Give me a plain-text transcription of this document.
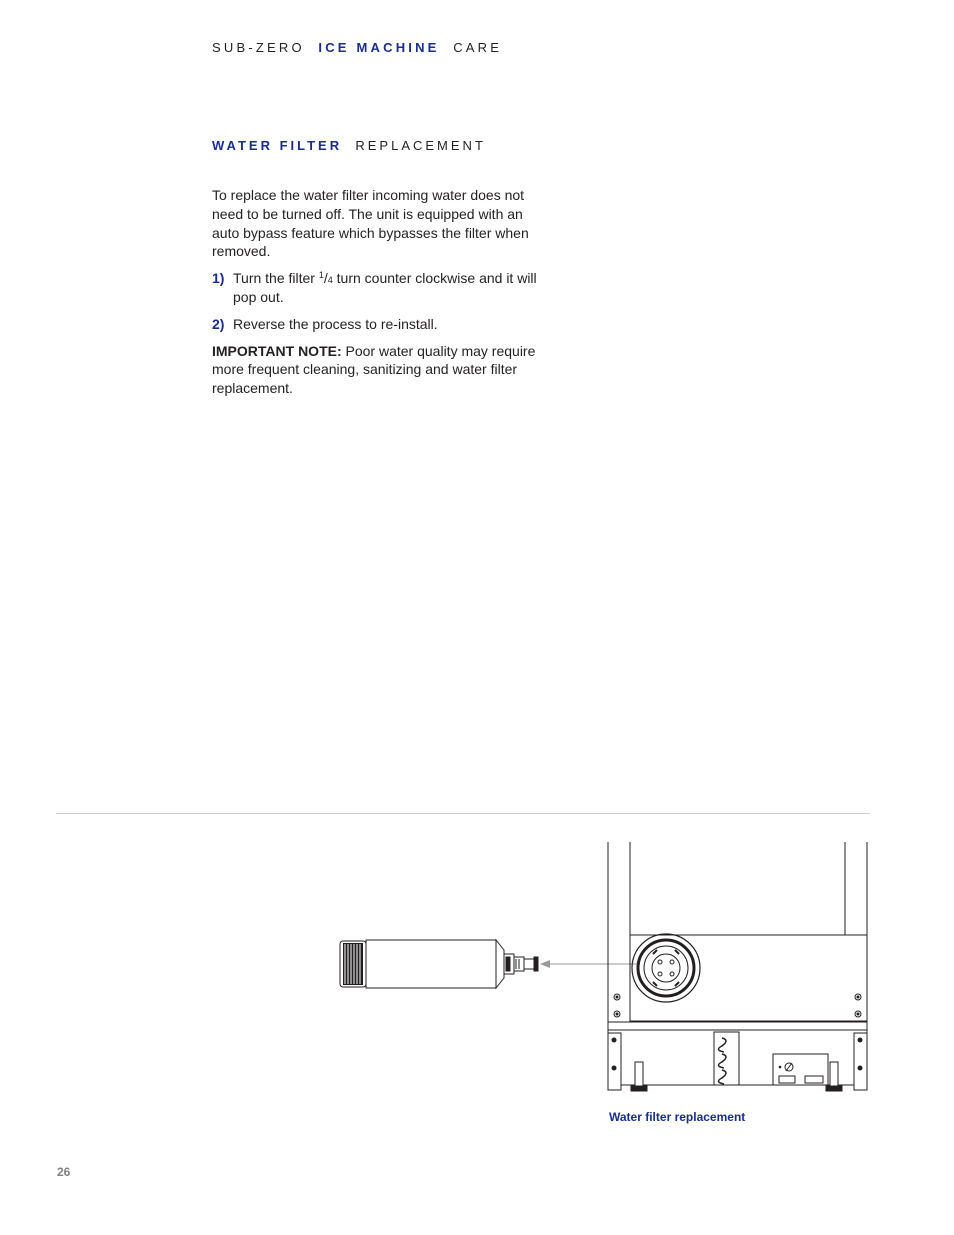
SUB-ZERO ICE MACHINE CARE
WATER FILTER REPLACEMENT

To replace the water filter incoming water does not need to be turned off. The unit is equipped with an auto bypass feature which bypasses the filter when removed.

1) Turn the filter $^1$/4 turn counter clockwise and it will pop out.
2) Reverse the process to re-install.

IMPORTANT NOTE: Poor water quality may require more frequent cleaning, sanitizing and water filter replacement.

Water filter replacement
26
